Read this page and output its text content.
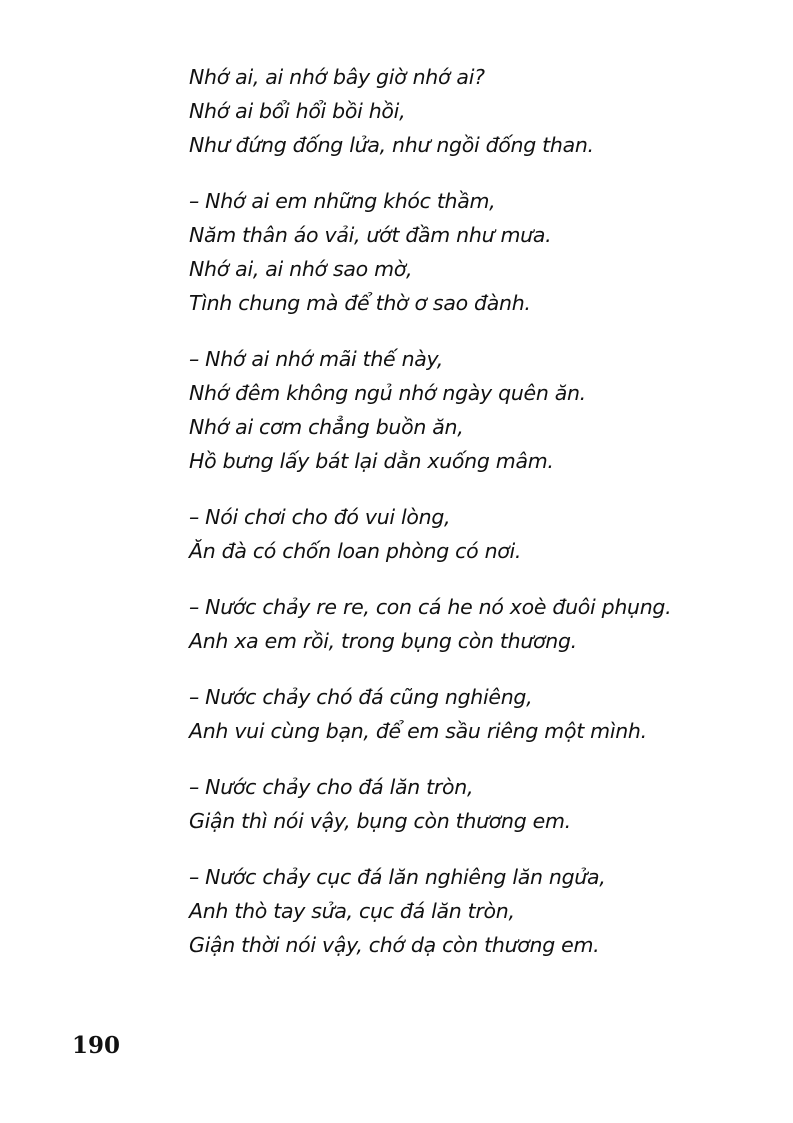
Nhớ ai, ai nhớ bây giờ nhớ ai?
Nhớ ai bổi hổi bồi hồi,
Như đứng đống lửa, như ngồi đống than.
– Nhớ ai em những khóc thầm,
Năm thân áo vải, ướt đầm như mưa.
Nhớ ai, ai nhớ sao mờ,
Tình chung mà để thờ ơ sao đành.
– Nhớ ai nhớ mãi thế này,
Nhớ đêm không ngủ nhớ ngày quên ăn.
Nhớ ai cơm chẳng buồn ăn,
Hồ bưng lấy bát lại dằn xuống mâm.
– Nói chơi cho đó vui lòng,
Ăn đà có chốn loan phòng có nơi.
– Nước chảy re re, con cá he nó xoè đuôi phụng.
Anh xa em rồi, trong bụng còn thương.
– Nước chảy chó đá cũng nghiêng,
Anh vui cùng bạn, để em sầu riêng một mình.
– Nước chảy cho đá lăn tròn,
Giận thì nói vậy, bụng còn thương em.
– Nước chảy cục đá lăn nghiêng lăn ngửa,
Anh thò tay sửa, cục đá lăn tròn,
Giận thời nói vậy, chớ dạ còn thương em.
190
